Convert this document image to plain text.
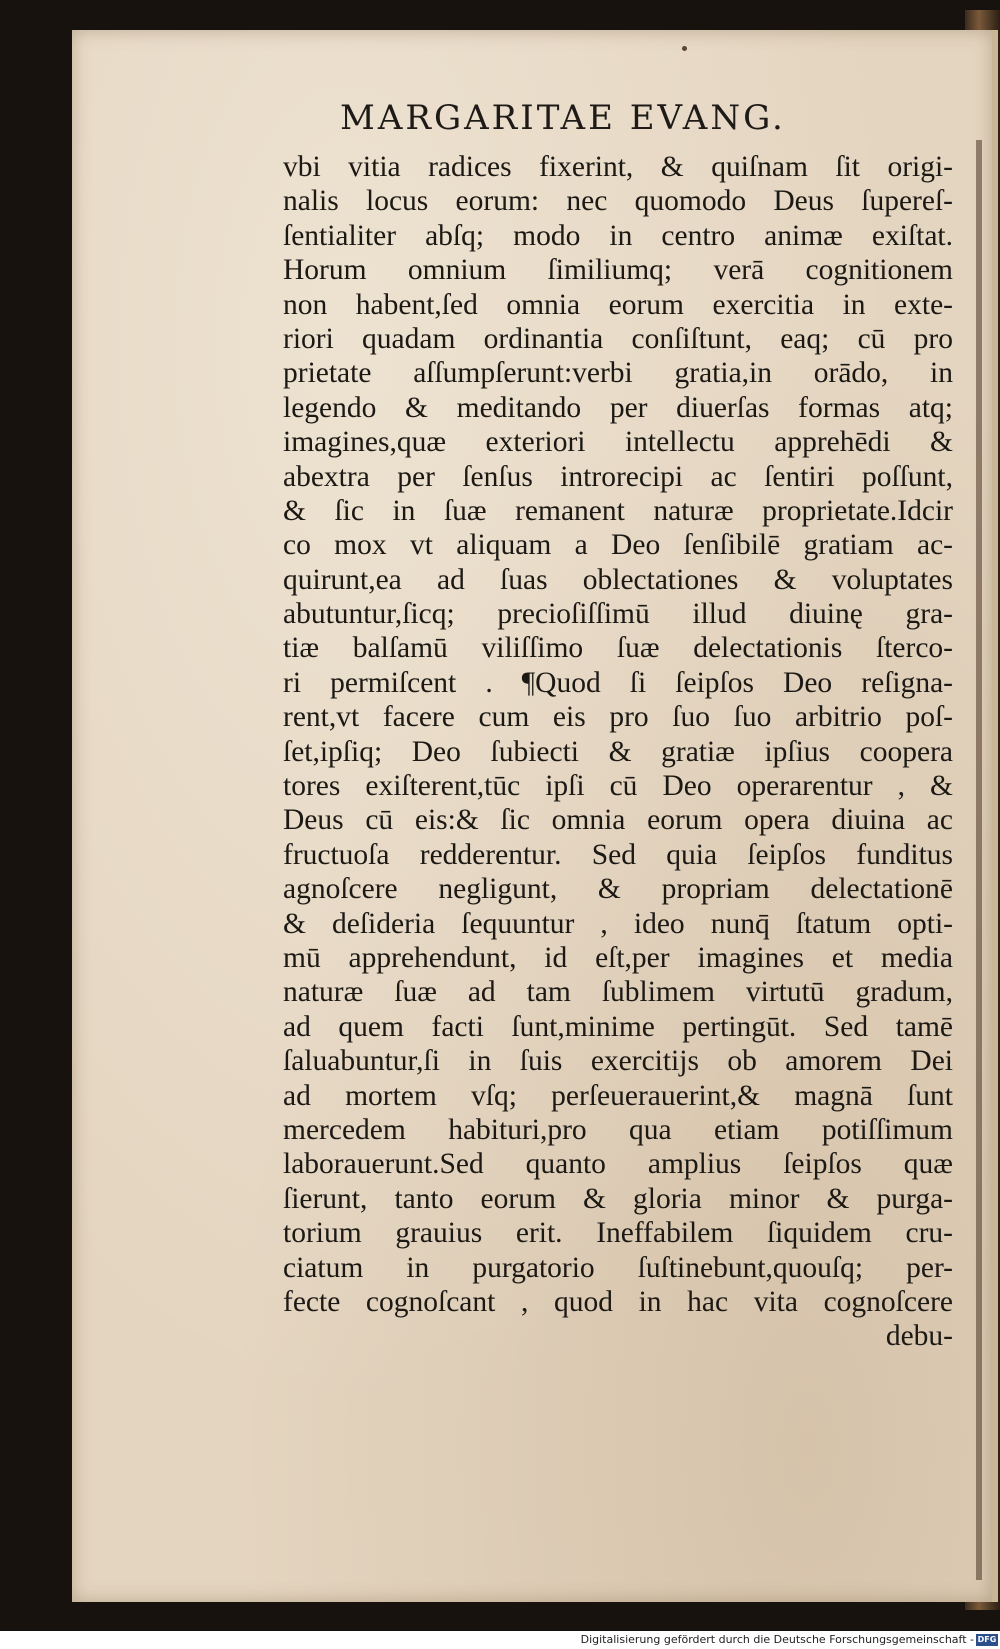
MARGARITAE EVANG.
vbi vitia radices fixerint, & quiſnam ſit origi-
nalis locus eorum: nec quomodo Deus ſupereſ-
ſentialiter abſq; modo in centro animæ exiſtat.
Horum omnium ſimiliumq; verā cognitionem
non habent,ſed omnia eorum exercitia in exte-
riori quadam ordinantia conſiſtunt, eaq; cū pro
prietate aſſumpſerunt:verbi gratia,in orādo, in
legendo & meditando per diuerſas formas atq;
imagines,quæ exteriori intellectu apprehēdi &
abextra per ſenſus introrecipi ac ſentiri poſſunt,
& ſic in ſuæ remanent naturæ proprietate.Idcir
co mox vt aliquam a Deo ſenſibilē gratiam ac-
quirunt,ea ad ſuas oblectationes & voluptates
abutuntur,ſicq; precioſiſſimū illud diuinę gra-
tiæ balſamū viliſſimo ſuæ delectationis ſterco-
ri permiſcent . ¶Quod ſi ſeipſos Deo reſigna-
rent,vt facere cum eis pro ſuo ſuo arbitrio poſ-
ſet,ipſiq; Deo ſubiecti & gratiæ ipſius coopera
tores exiſterent,tūc ipſi cū Deo operarentur , &
Deus cū eis:& ſic omnia eorum opera diuina ac
fructuoſa redderentur. Sed quia ſeipſos funditus
agnoſcere negligunt, & propriam delectationē
& deſideria ſequuntur , ideo nunq̄ ſtatum opti-
mū apprehendunt, id eſt,per imagines et media
naturæ ſuæ ad tam ſublimem virtutū gradum,
ad quem facti ſunt,minime pertingūt. Sed tamē
ſaluabuntur,ſi in ſuis exercitijs ob amorem Dei
ad mortem vſq; perſeuerauerint,& magnā ſunt
mercedem habituri,pro qua etiam potiſſimum
laborauerunt.Sed quanto amplius ſeipſos quæ
ſierunt, tanto eorum & gloria minor & purga-
torium grauius erit. Ineffabilem ſiquidem cru-
ciatum in purgatorio ſuſtinebunt,quouſq; per-
fecte cognoſcant , quod in hac vita cognoſcere
debu-
Digitalisierung gefördert durch die Deutsche Forschungsgemeinschaft - DFG
